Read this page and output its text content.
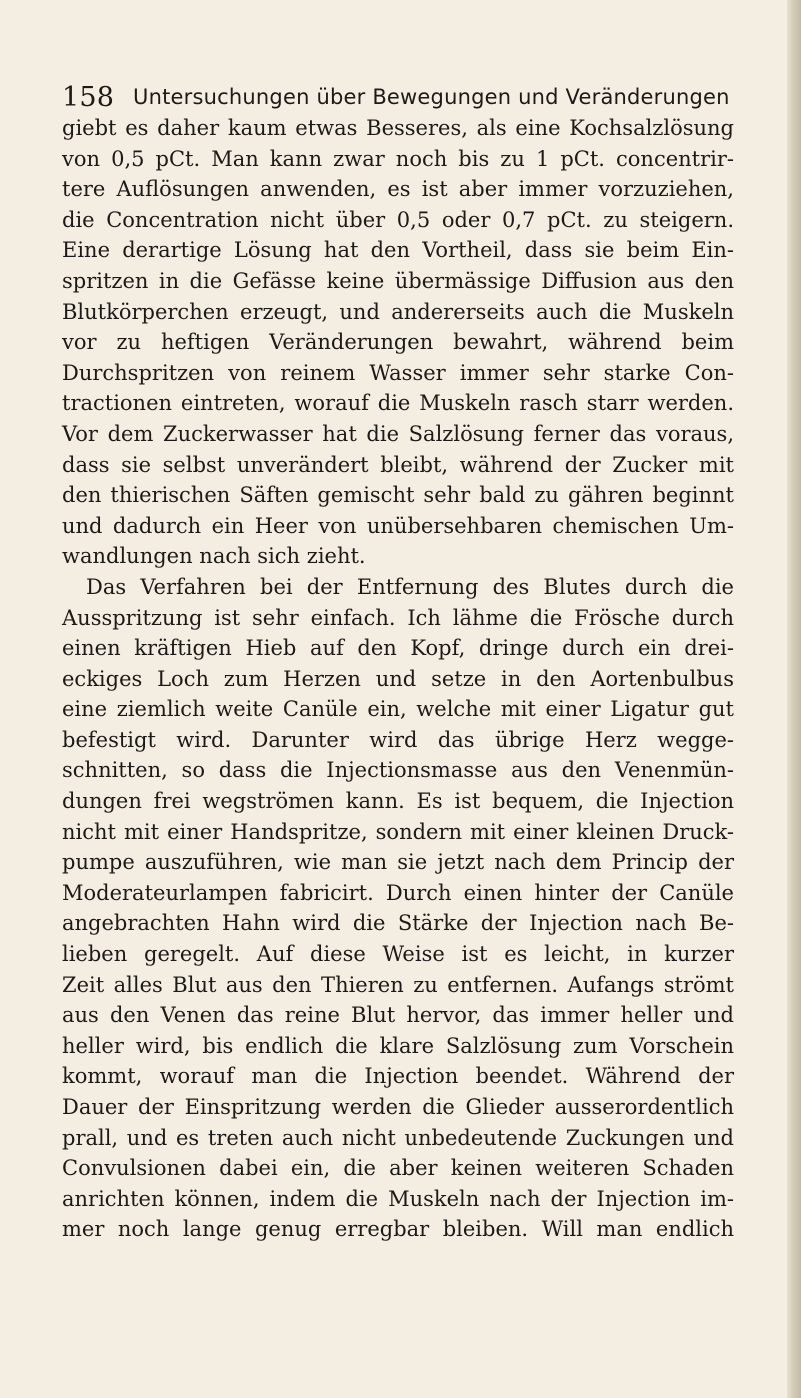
158 Untersuchungen über Bewegungen und Veränderungen
giebt es daher kaum etwas Besseres, als eine Kochsalzlösung
von 0,5 pCt. Man kann zwar noch bis zu 1 pCt. concentrir-
tere Auflösungen anwenden, es ist aber immer vorzuziehen,
die Concentration nicht über 0,5 oder 0,7 pCt. zu steigern.
Eine derartige Lösung hat den Vortheil, dass sie beim Ein-
spritzen in die Gefässe keine übermässige Diffusion aus den
Blutkörperchen erzeugt, und andererseits auch die Muskeln
vor zu heftigen Veränderungen bewahrt, während beim
Durchspritzen von reinem Wasser immer sehr starke Con-
tractionen eintreten, worauf die Muskeln rasch starr werden.
Vor dem Zuckerwasser hat die Salzlösung ferner das voraus,
dass sie selbst unverändert bleibt, während der Zucker mit
den thierischen Säften gemischt sehr bald zu gähren beginnt
und dadurch ein Heer von unübersehbaren chemischen Um-
wandlungen nach sich zieht.
Das Verfahren bei der Entfernung des Blutes durch die
Ausspritzung ist sehr einfach. Ich lähme die Frösche durch
einen kräftigen Hieb auf den Kopf, dringe durch ein drei-
eckiges Loch zum Herzen und setze in den Aortenbulbus
eine ziemlich weite Canüle ein, welche mit einer Ligatur gut
befestigt wird. Darunter wird das übrige Herz wegge-
schnitten, so dass die Injectionsmasse aus den Venenmün-
dungen frei wegströmen kann. Es ist bequem, die Injection
nicht mit einer Handspritze, sondern mit einer kleinen Druck-
pumpe auszuführen, wie man sie jetzt nach dem Princip der
Moderateurlampen fabricirt. Durch einen hinter der Canüle
angebrachten Hahn wird die Stärke der Injection nach Be-
lieben geregelt. Auf diese Weise ist es leicht, in kurzer
Zeit alles Blut aus den Thieren zu entfernen. Aufangs strömt
aus den Venen das reine Blut hervor, das immer heller und
heller wird, bis endlich die klare Salzlösung zum Vorschein
kommt, worauf man die Injection beendet. Während der
Dauer der Einspritzung werden die Glieder ausserordentlich
prall, und es treten auch nicht unbedeutende Zuckungen und
Convulsionen dabei ein, die aber keinen weiteren Schaden
anrichten können, indem die Muskeln nach der Injection im-
mer noch lange genug erregbar bleiben. Will man endlich
